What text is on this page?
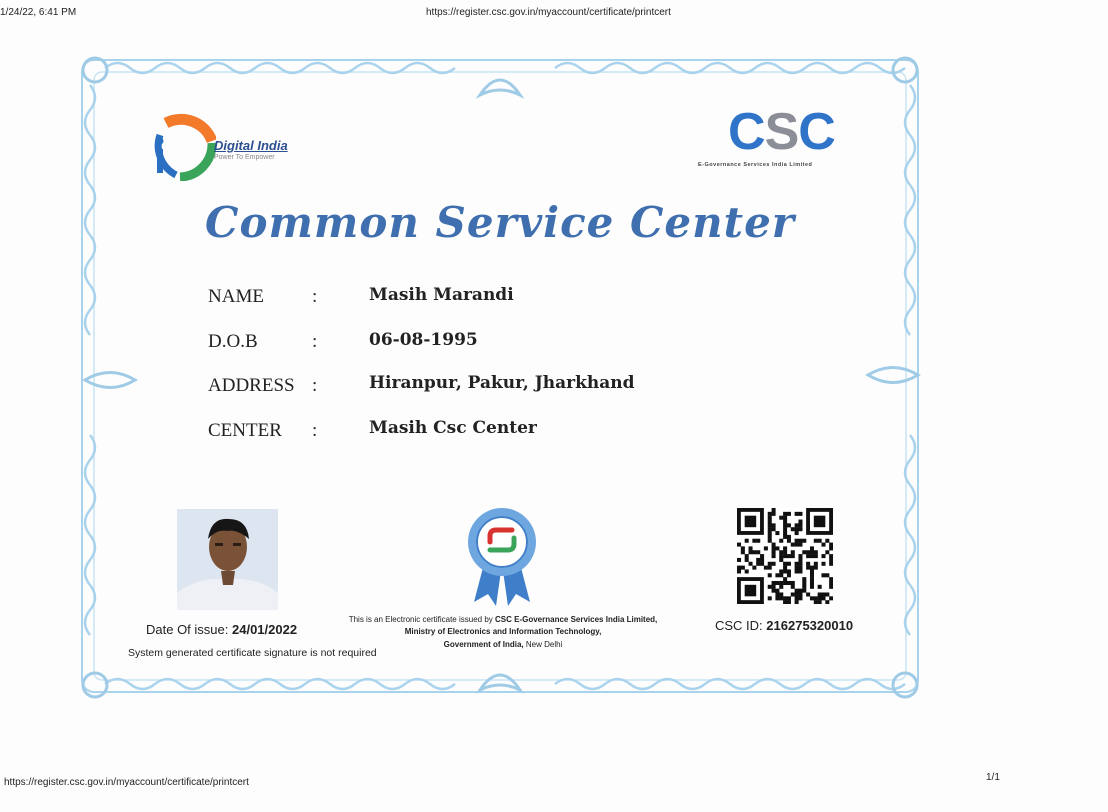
1/24/22, 6:41 PM	https://register.csc.gov.in/myaccount/certificate/printcert
Digital India
Power To Empower	CSC
E-Governance Services India Limited
Common Service Center
NAME	:	Masih Marandi
D.O.B	:	06-08-1995
ADDRESS :	Hiranpur, Pakur, Jharkhand
CENTER :	Masih Csc Center
Date Of issue: 24/01/2022
System generated certificate signature is not required
This is an Electronic certificate issued by CSC E-Governance Services India Limited,
Ministry of Electronics and Information Technology,
Government of India, New Delhi
CSC ID: 216275320010
https://register.csc.gov.in/myaccount/certificate/printcert	1/1
